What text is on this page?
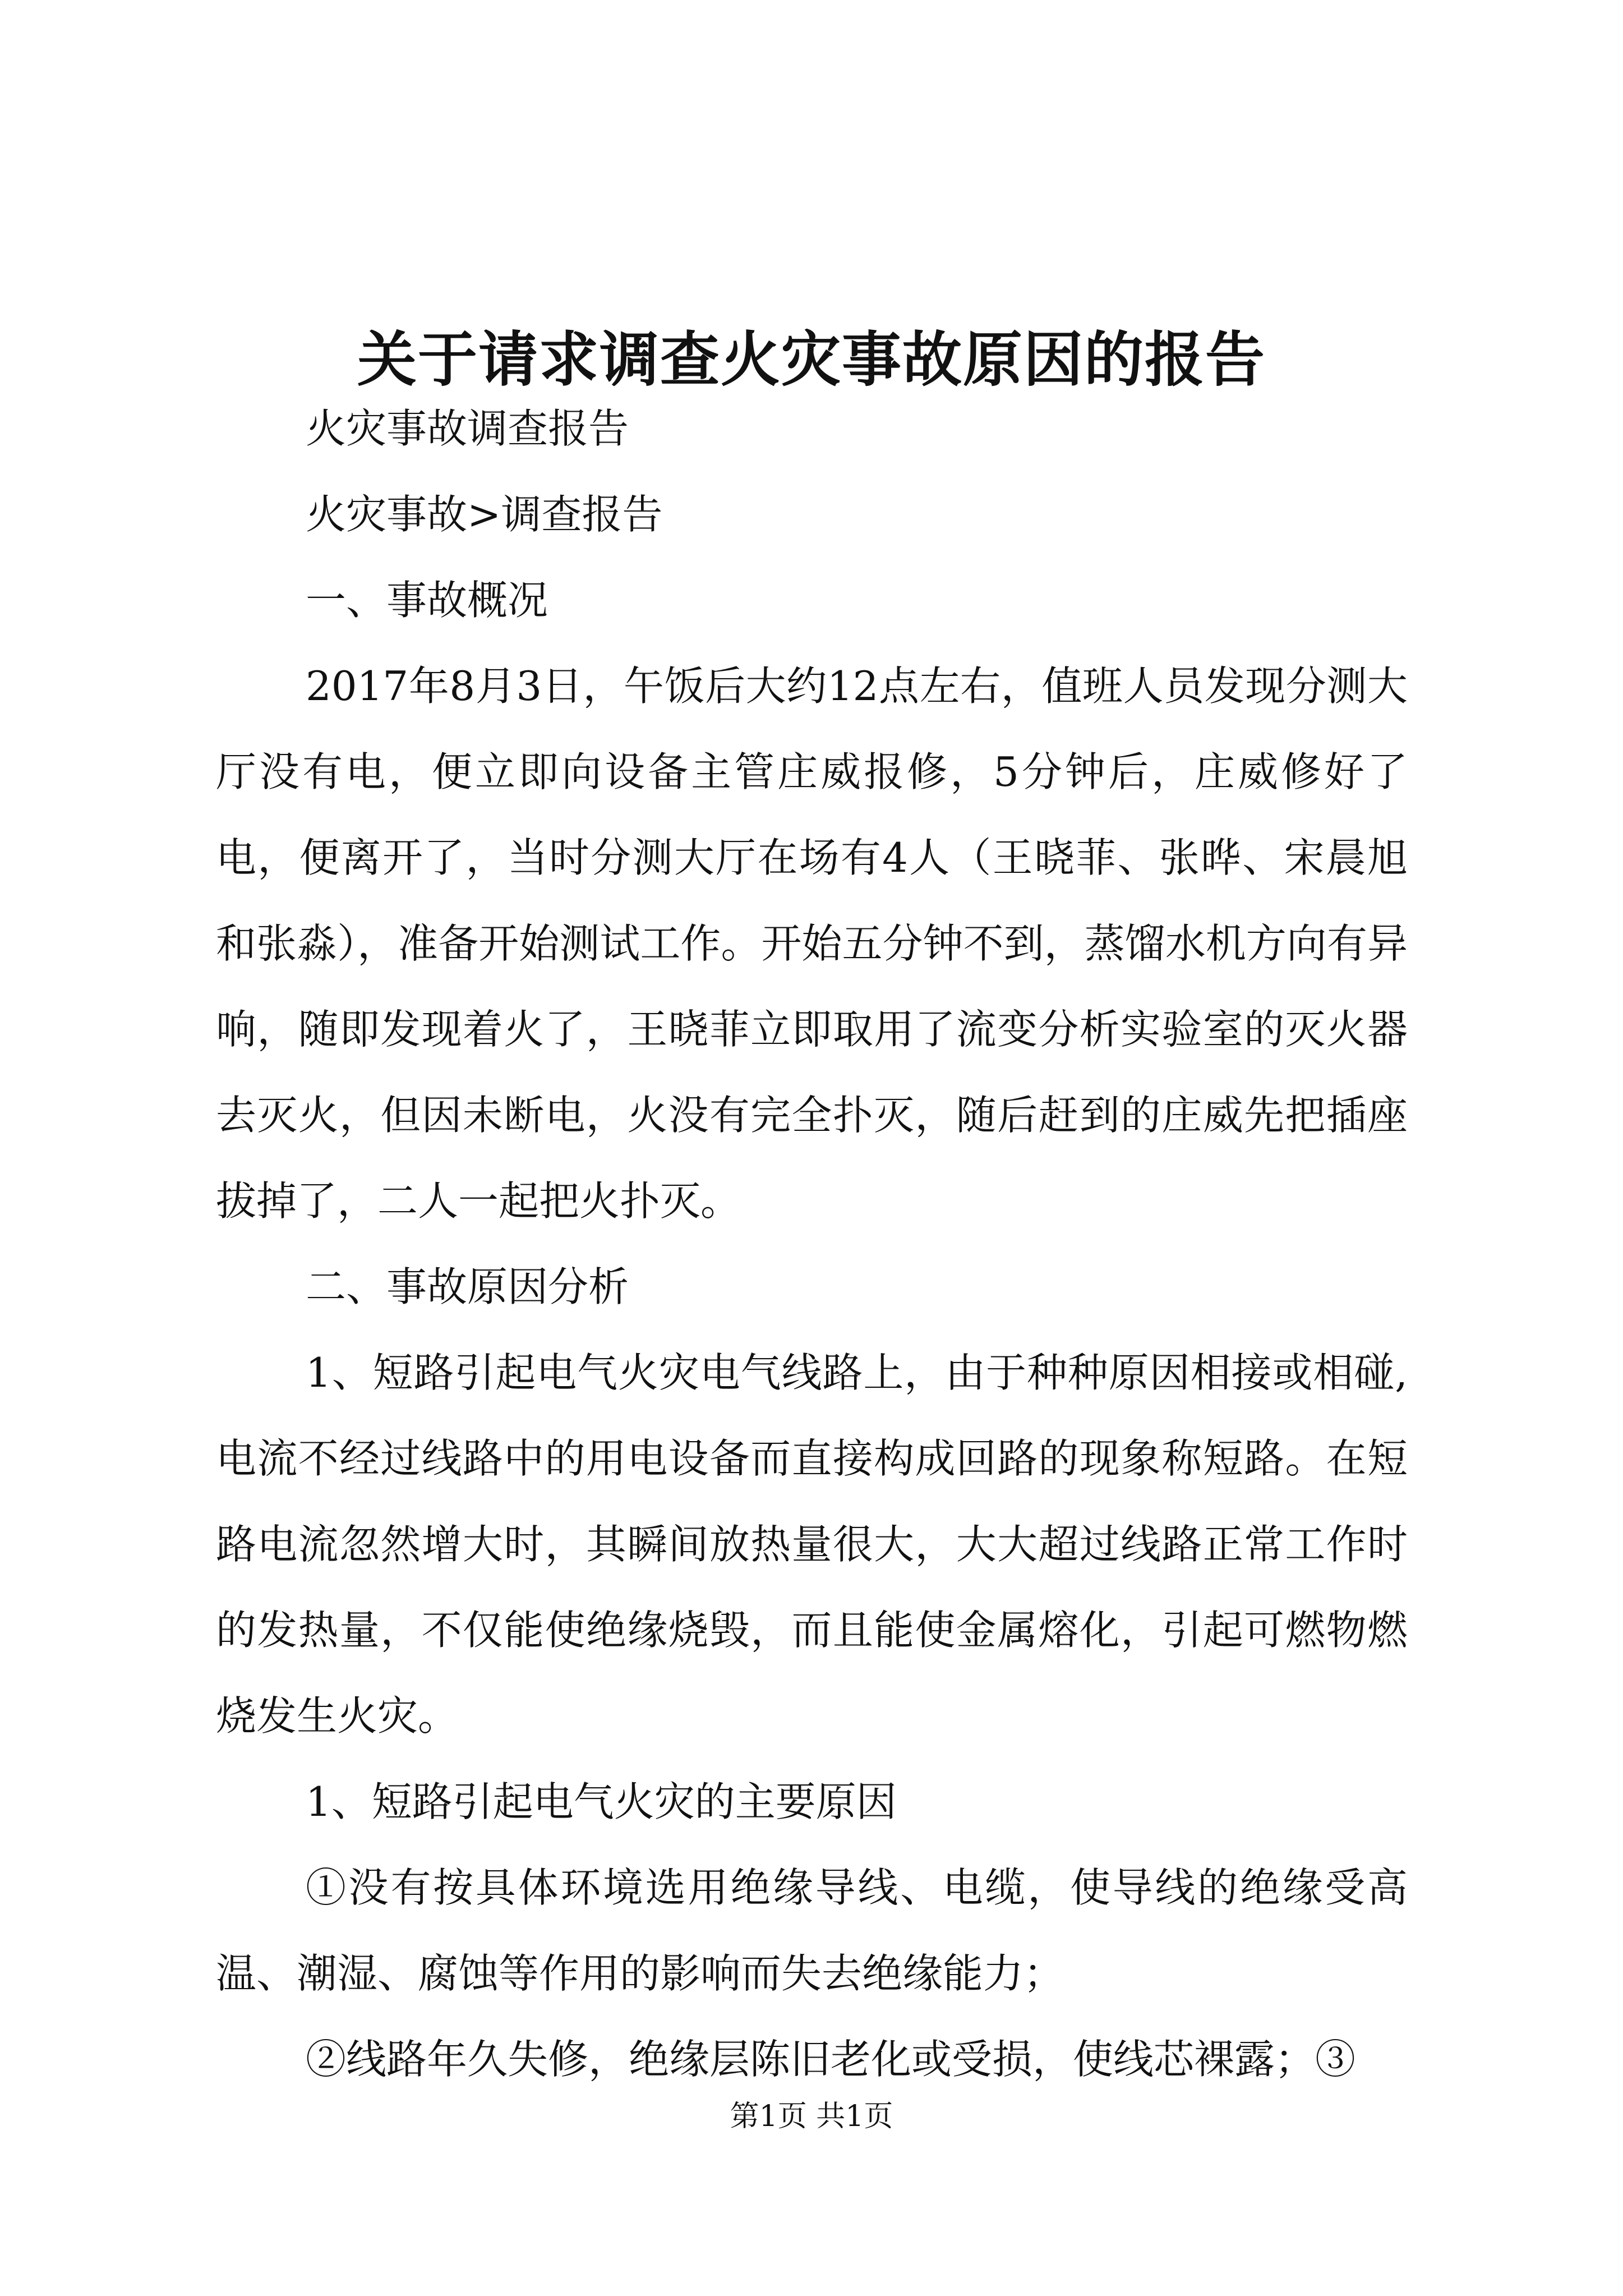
关于请求调查火灾事故原因的报告

火灾事故调查报告

火灾事故>调查报告

一、事故概况

2017年8月3日，午饭后大约12点左右，值班人员发现分测大厅没有电，便立即向设备主管庄威报修，5分钟后，庄威修好了电，便离开了，当时分测大厅在场有4人（王晓菲、张晔、宋晨旭和张淼），准备开始测试工作。开始五分钟不到，蒸馏水机方向有异响，随即发现着火了，王晓菲立即取用了流变分析实验室的灭火器去灭火，但因未断电，火没有完全扑灭，随后赶到的庄威先把插座拔掉了，二人一起把火扑灭。

二、事故原因分析

1、短路引起电气火灾电气线路上，由于种种原因相接或相碰,电流不经过线路中的用电设备而直接构成回路的现象称短路。在短路电流忽然增大时，其瞬间放热量很大，大大超过线路正常工作时的发热量，不仅能使绝缘烧毁，而且能使金属熔化，引起可燃物燃烧发生火灾。

1、短路引起电气火灾的主要原因

①没有按具体环境选用绝缘导线、电缆，使导线的绝缘受高温、潮湿、腐蚀等作用的影响而失去绝缘能力；

②线路年久失修，绝缘层陈旧老化或受损，使线芯裸露；③

第1页 共1页
